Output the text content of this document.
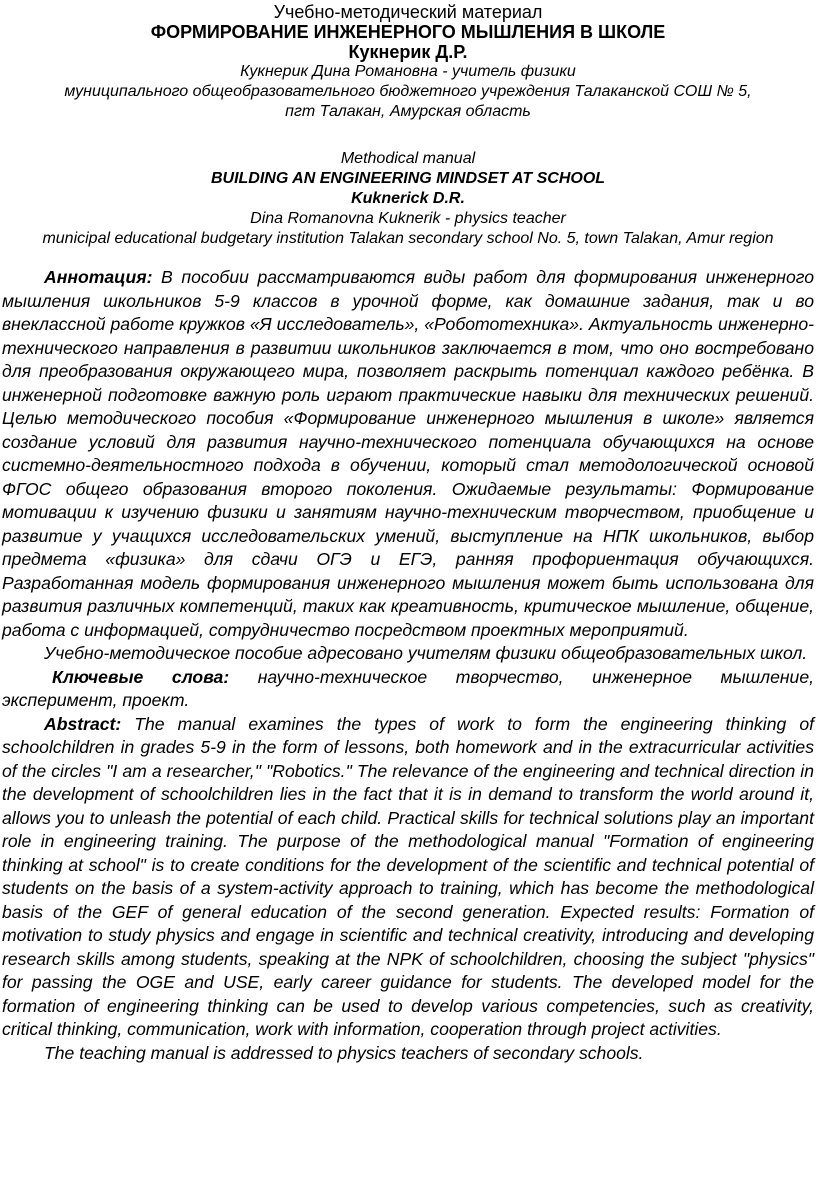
Учебно-методический материал
ФОРМИРОВАНИЕ ИНЖЕНЕРНОГО МЫШЛЕНИЯ В ШКОЛЕ
Кукнерик Д.Р.
Кукнерик Дина Романовна - учитель физики
муниципального общеобразовательного бюджетного учреждения Талаканской СОШ № 5,
пгт Талакан, Амурская область
Methodical manual
BUILDING AN ENGINEERING MINDSET AT SCHOOL
Kuknerick D.R.
Dina Romanovna Kuknerik - physics teacher
municipal educational budgetary institution Talakan secondary school No. 5, town Talakan, Amur region

Аннотация: В пособии рассматриваются виды работ для формирования инженерного мышления школьников 5-9 классов в урочной форме, как домашние задания, так и во внеклассной работе кружков «Я исследователь», «Робототехника». Актуальность инженерно-технического направления в развитии школьников заключается в том, что оно востребовано для преобразования окружающего мира, позволяет раскрыть потенциал каждого ребёнка. В инженерной подготовке важную роль играют практические навыки для технических решений. Целью методического пособия «Формирование инженерного мышления в школе» является создание условий для развития научно-технического потенциала обучающихся на основе системно-деятельностного подхода в обучении, который стал методологической основой ФГОС общего образования второго поколения. Ожидаемые результаты: Формирование мотивации к изучению физики и занятиям научно-техническим творчеством, приобщение и развитие у учащихся исследовательских умений, выступление на НПК школьников, выбор предмета «физика» для сдачи ОГЭ и ЕГЭ, ранняя профориентация обучающихся. Разработанная модель формирования инженерного мышления может быть использована для развития различных компетенций, таких как креативность, критическое мышление, общение, работа с информацией, сотрудничество посредством проектных мероприятий.

Учебно-методическое пособие адресовано учителям физики общеобразовательных школ.

Ключевые слова: научно-техническое творчество, инженерное мышление, эксперимент, проект.

Abstract: The manual examines the types of work to form the engineering thinking of schoolchildren in grades 5-9 in the form of lessons, both homework and in the extracurricular activities of the circles "I am a researcher," "Robotics." The relevance of the engineering and technical direction in the development of schoolchildren lies in the fact that it is in demand to transform the world around it, allows you to unleash the potential of each child. Practical skills for technical solutions play an important role in engineering training. The purpose of the methodological manual "Formation of engineering thinking at school" is to create conditions for the development of the scientific and technical potential of students on the basis of a system-activity approach to training, which has become the methodological basis of the GEF of general education of the second generation. Expected results: Formation of motivation to study physics and engage in scientific and technical creativity, introducing and developing research skills among students, speaking at the NPK of schoolchildren, choosing the subject "physics" for passing the OGE and USE, early career guidance for students. The developed model for the formation of engineering thinking can be used to develop various competencies, such as creativity, critical thinking, communication, work with information, cooperation through project activities.

The teaching manual is addressed to physics teachers of secondary schools.
